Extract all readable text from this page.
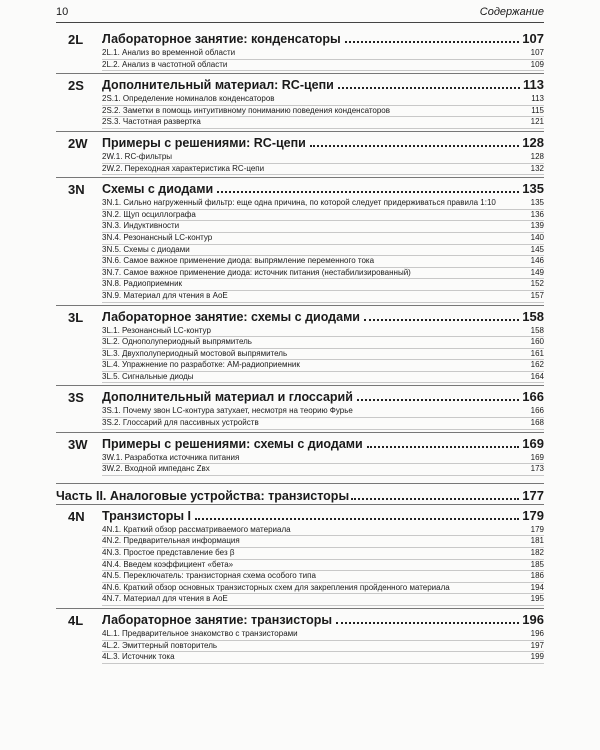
10	Содержание
2L Лабораторное занятие: конденсаторы	107
2L.1. Анализ во временной области	107
2L.2. Анализ в частотной области	109
2S Дополнительный материал: RC-цепи	113
2S.1. Определение номиналов конденсаторов	113
2S.2. Заметки в помощь интуитивному пониманию поведения конденсаторов	115
2S.3. Частотная развертка	121
2W Примеры с решениями: RC-цепи	128
2W.1. RC-фильтры	128
2W.2. Переходная характеристика RC-цепи	132
3N Схемы с диодами	135
3N.1. Сильно нагруженный фильтр: еще одна причина, по которой следует придерживаться правила 1:10	135
3N.2. Щуп осциллографа	136
3N.3. Индуктивности	139
3N.4. Резонансный LC-контур	140
3N.5. Схемы с диодами	145
3N.6. Самое важное применение диода: выпрямление переменного тока	146
3N.7. Самое важное применение диода: источник питания (нестабилизированный)	149
3N.8. Радиоприемник	152
3N.9. Материал для чтения в AoE	157
3L Лабораторное занятие: схемы с диодами	158
3L.1. Резонансный LC-контур	158
3L.2. Однополупериодный выпрямитель	160
3L.3. Двухполупериодный мостовой выпрямитель	161
3L.4. Упражнение по разработке: АМ-радиоприемник	162
3L.5. Сигнальные диоды	164
3S Дополнительный материал и глоссарий	166
3S.1. Почему звон LC-контура затухает, несмотря на теорию Фурье	166
3S.2. Глоссарий для пассивных устройств	168
3W Примеры с решениями: схемы с диодами	169
3W.1. Разработка источника питания	169
3W.2. Входной импеданс Zвх	173
Часть II. Аналоговые устройства: транзисторы	177
4N Транзисторы I	179
4N.1. Краткий обзор рассматриваемого материала	179
4N.2. Предварительная информация	181
4N.3. Простое представление без β	182
4N.4. Введем коэффициент «бета»	185
4N.5. Переключатель: транзисторная схема особого типа	186
4N.6. Краткий обзор основных транзисторных схем для закрепления пройденного материала	194
4N.7. Материал для чтения в AoE	195
4L Лабораторное занятие: транзисторы	196
4L.1. Предварительное знакомство с транзисторами	196
4L.2. Эмиттерный повторитель	197
4L.3. Источник тока	199
